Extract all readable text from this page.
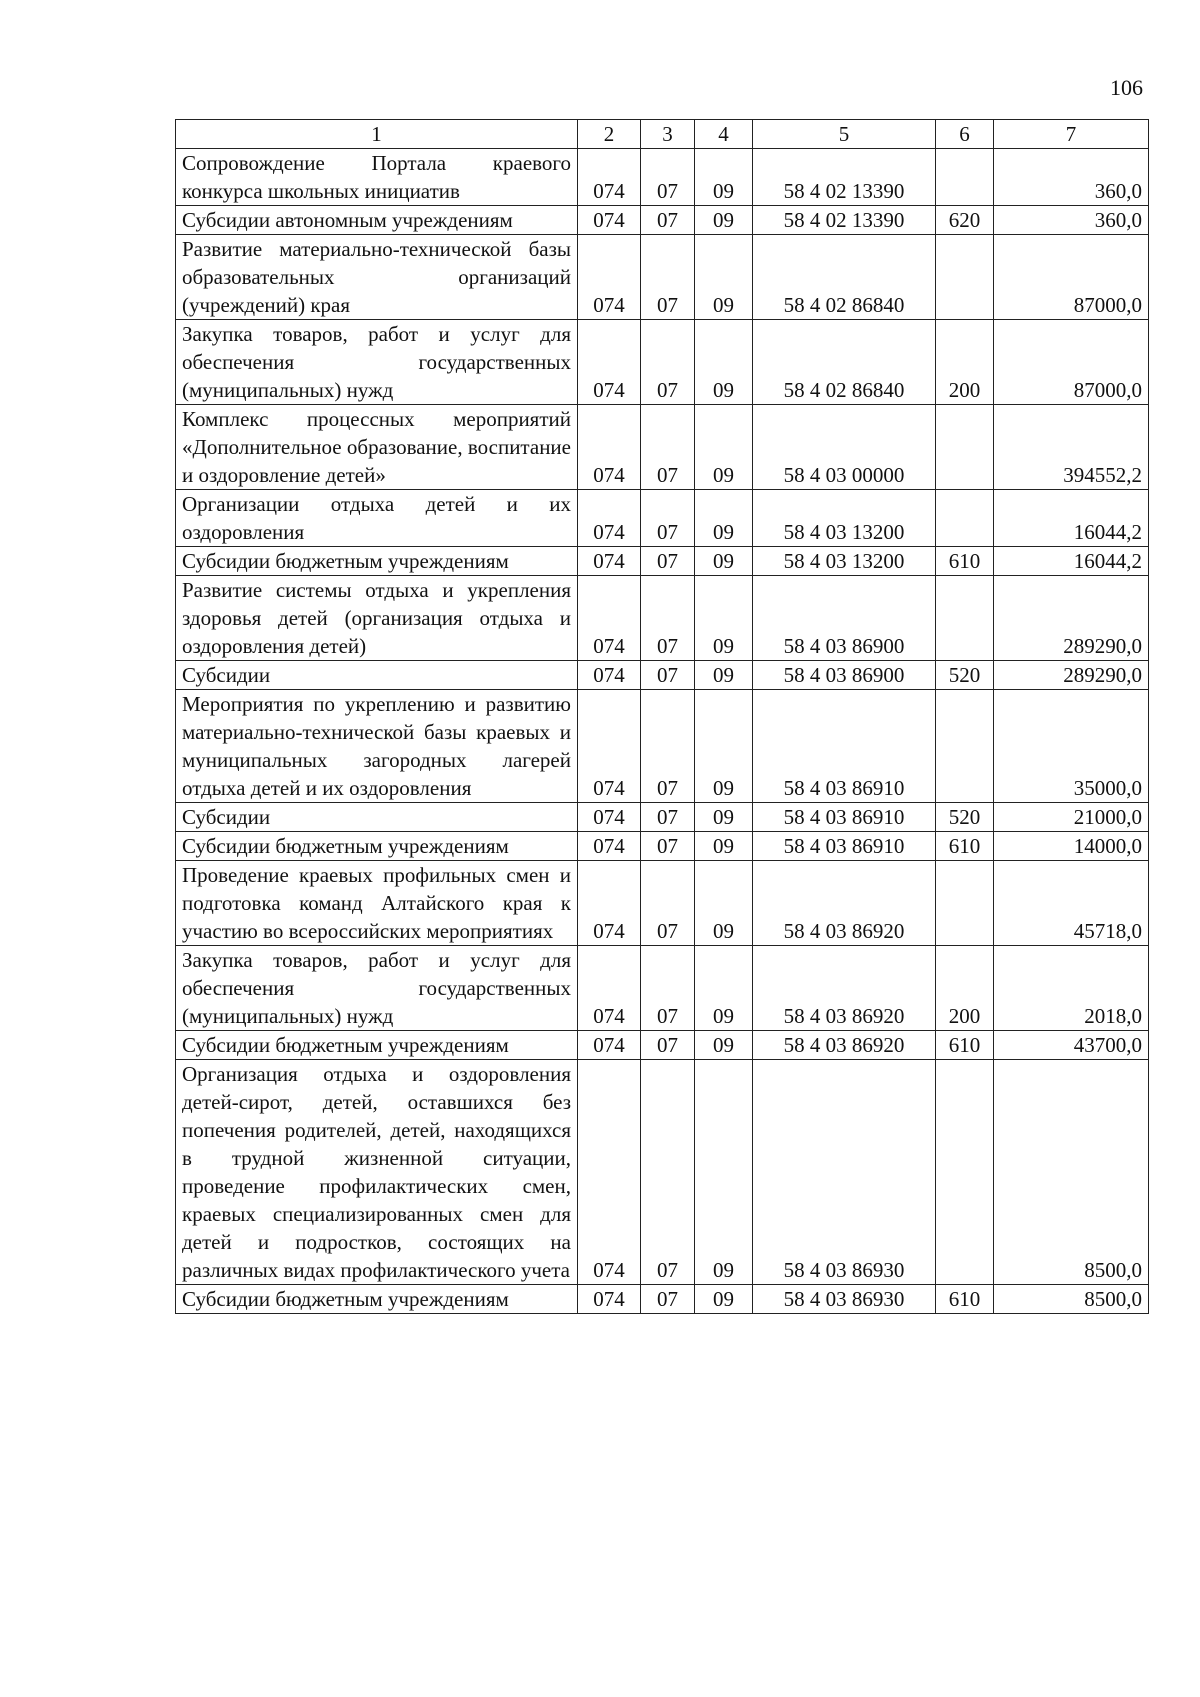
106
1	2	3	4	5	6	7
Сопровождение Портала краевого конкурса школьных инициатив	074	07	09	58 4 02 13390		360,0
Субсидии автономным учреждениям	074	07	09	58 4 02 13390	620	360,0
Развитие материально-технической базы образовательных организаций (учреждений) края	074	07	09	58 4 02 86840		87000,0
Закупка товаров, работ и услуг для обеспечения государственных (муниципальных) нужд	074	07	09	58 4 02 86840	200	87000,0
Комплекс процессных мероприятий «Дополнительное образование, воспитание и оздоровление детей»	074	07	09	58 4 03 00000		394552,2
Организации отдыха детей и их оздоровления	074	07	09	58 4 03 13200		16044,2
Субсидии бюджетным учреждениям	074	07	09	58 4 03 13200	610	16044,2
Развитие системы отдыха и укрепления здоровья детей (организация отдыха и оздоровления детей)	074	07	09	58 4 03 86900		289290,0
Субсидии	074	07	09	58 4 03 86900	520	289290,0
Мероприятия по укреплению и развитию материально-технической базы краевых и муниципальных загородных лагерей отдыха детей и их оздоровления	074	07	09	58 4 03 86910		35000,0
Субсидии	074	07	09	58 4 03 86910	520	21000,0
Субсидии бюджетным учреждениям	074	07	09	58 4 03 86910	610	14000,0
Проведение краевых профильных смен и подготовка команд Алтайского края к участию во всероссийских мероприятиях	074	07	09	58 4 03 86920		45718,0
Закупка товаров, работ и услуг для обеспечения государственных (муниципальных) нужд	074	07	09	58 4 03 86920	200	2018,0
Субсидии бюджетным учреждениям	074	07	09	58 4 03 86920	610	43700,0
Организация отдыха и оздоровления детей-сирот, детей, оставшихся без попечения родителей, детей, находящихся в трудной жизненной ситуации, проведение профилактических смен, краевых специализированных смен для детей и подростков, состоящих на различных видах профилактического учета	074	07	09	58 4 03 86930		8500,0
Субсидии бюджетным учреждениям	074	07	09	58 4 03 86930	610	8500,0
